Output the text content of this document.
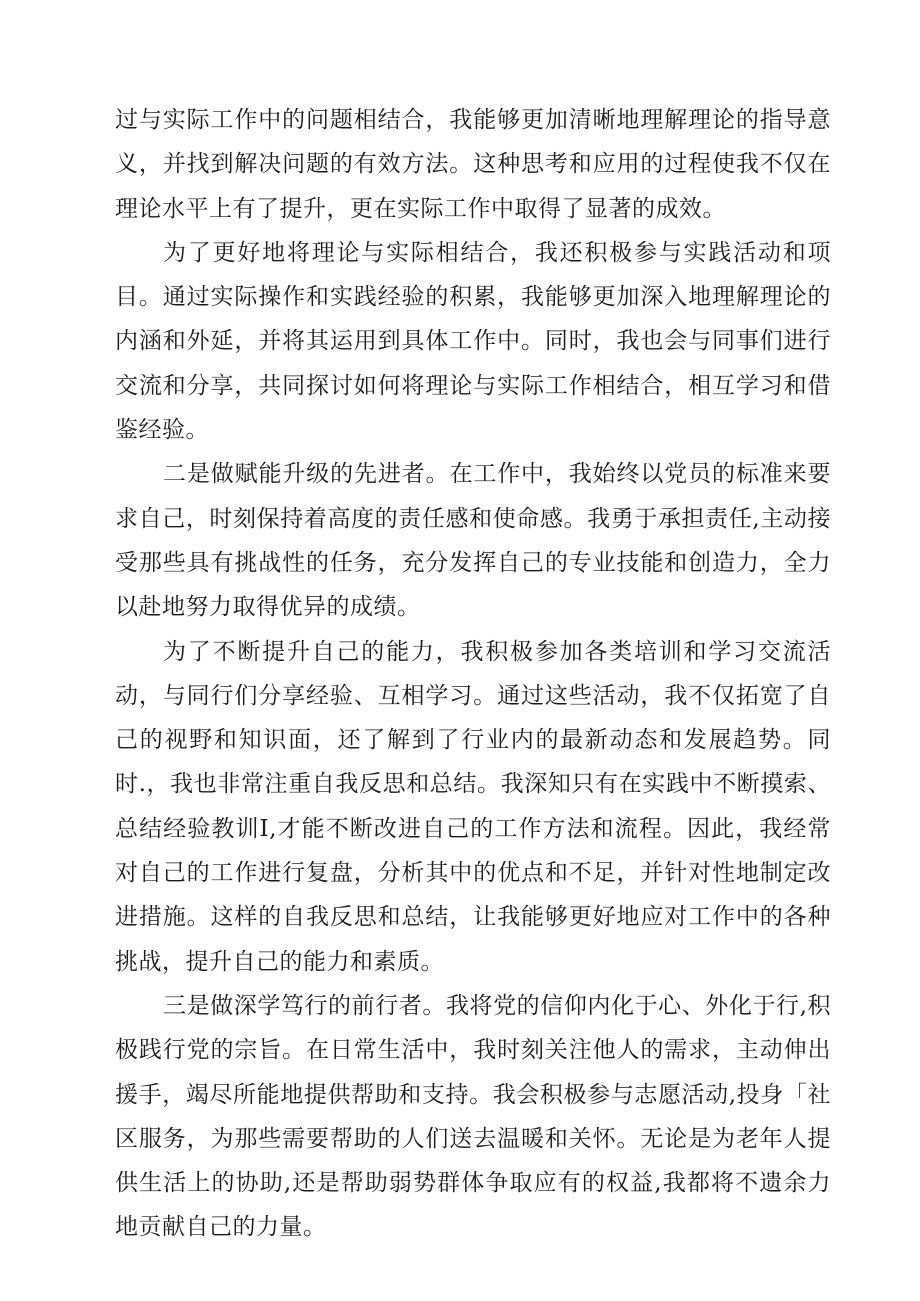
过与实际工作中的问题相结合，我能够更加清晰地理解理论的指导意义，并找到解决问题的有效方法。这种思考和应用的过程使我不仅在理论水平上有了提升，更在实际工作中取得了显著的成效。

为了更好地将理论与实际相结合，我还积极参与实践活动和项目。通过实际操作和实践经验的积累，我能够更加深入地理解理论的内涵和外延，并将其运用到具体工作中。同时，我也会与同事们进行交流和分享，共同探讨如何将理论与实际工作相结合，相互学习和借鉴经验。

二是做赋能升级的先进者。在工作中，我始终以党员的标准来要求自己，时刻保持着高度的责任感和使命感。我勇于承担责任,主动接受那些具有挑战性的任务，充分发挥自己的专业技能和创造力，全力以赴地努力取得优异的成绩。

为了不断提升自己的能力，我积极参加各类培训和学习交流活动，与同行们分享经验、互相学习。通过这些活动，我不仅拓宽了自己的视野和知识面，还了解到了行业内的最新动态和发展趋势。同时.，我也非常注重自我反思和总结。我深知只有在实践中不断摸索、总结经验教训I,才能不断改进自己的工作方法和流程。因此，我经常对自己的工作进行复盘，分析其中的优点和不足，并针对性地制定改进措施。这样的自我反思和总结，让我能够更好地应对工作中的各种挑战，提升自己的能力和素质。

三是做深学笃行的前行者。我将党的信仰内化于心、外化于行,积极践行党的宗旨。在日常生活中，我时刻关注他人的需求，主动伸出援手，竭尽所能地提供帮助和支持。我会积极参与志愿活动,投身「社区服务，为那些需要帮助的人们送去温暖和关怀。无论是为老年人提供生活上的协助,还是帮助弱势群体争取应有的权益,我都将不遗余力地贡献自己的力量。
